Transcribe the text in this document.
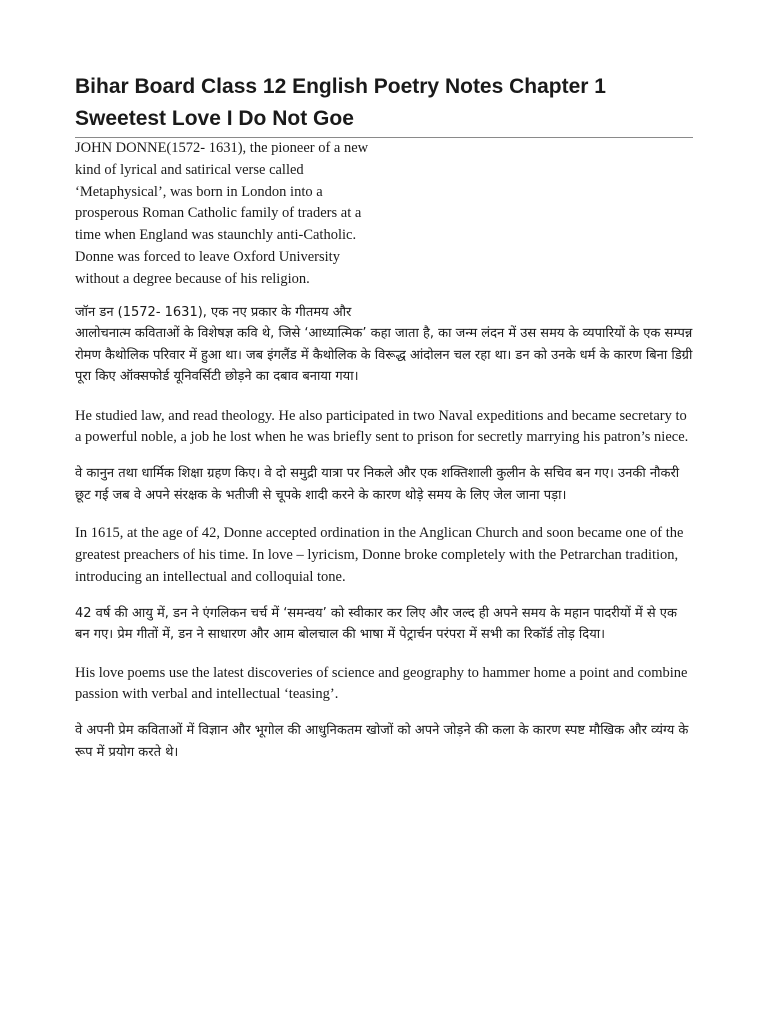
Bihar Board Class 12 English Poetry Notes Chapter 1
Sweetest Love I Do Not Goe

JOHN DONNE(1572- 1631), the pioneer of a new kind of lyrical and satirical verse called ‘Metaphysical’, was born in London into a prosperous Roman Catholic family of traders at a time when England was staunchly anti-Catholic. Donne was forced to leave Oxford University without a degree because of his religion.

जॉन डन (1572- 1631), एक नए प्रकार के गीतमय और
आलोचनात्म कविताओं के विशेषज्ञ कवि थे, जिसे ‘आध्यात्मिक’ कहा जाता है, का जन्म लंदन में उस समय के व्यपारियों के एक सम्पन्न रोमण कैथोलिक परिवार में हुआ था। जब इंगलैंड में कैथोलिक के विरूद्ध आंदोलन चल रहा था। डन को उनके धर्म के कारण बिना डिग्री पूरा किए ऑक्सफोर्ड यूनिवर्सिटी छोड़ने का दबाव बनाया गया।

He studied law, and read theology. He also participated in two Naval expeditions and became secretary to a powerful noble, a job he lost when he was briefly sent to prison for secretly marrying his patron’s niece.

वे कानुन तथा धार्मिक शिक्षा ग्रहण किए। वे दो समुद्री यात्रा पर निकले और एक शक्तिशाली कुलीन के सचिव बन गए। उनकी नौकरी छूट गई जब वे अपने संरक्षक के भतीजी से चूपके शादी करने के कारण थोड़े समय के लिए जेल जाना पड़ा।

In 1615, at the age of 42, Donne accepted ordination in the Anglican Church and soon became one of the greatest preachers of his time. In love – lyricism, Donne broke completely with the Petrarchan tradition, introducing an intellectual and colloquial tone.

42 वर्ष की आयु में, डन ने एंगलिकन चर्च में ‘समन्वय’ को स्वीकार कर लिए और जल्द ही अपने समय के महान पादरीयों में से एक बन गए। प्रेम गीतों में, डन ने साधारण और आम बोलचाल की भाषा में पेट्रार्चन परंपरा में सभी का रिकॉर्ड तोड़ दिया।

His love poems use the latest discoveries of science and geography to hammer home a point and combine passion with verbal and intellectual ‘teasing’.

वे अपनी प्रेम कविताओं में विज्ञान और भूगोल की आधुनिकतम खोजों को अपने जोड़ने की कला के कारण स्पष्ट मौखिक और व्यंग्य के रूप में प्रयोग करते थे।
